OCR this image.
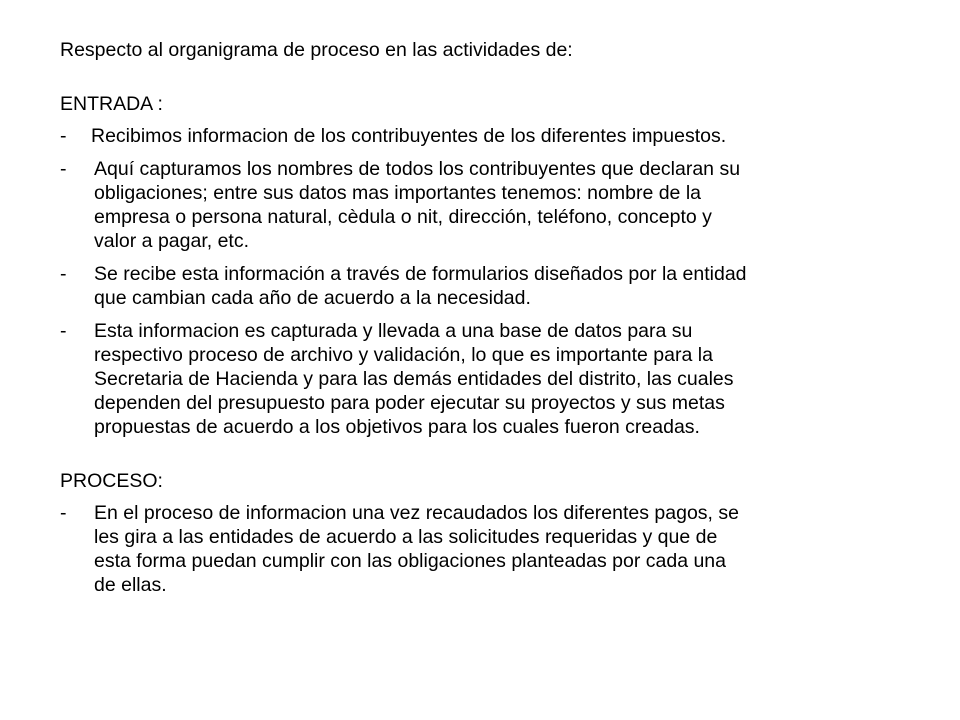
Respecto al organigrama de proceso en las actividades de:

ENTRADA :

- Recibimos informacion de los contribuyentes de los diferentes impuestos.
- Aquí capturamos los nombres de todos los contribuyentes que declaran su
obligaciones; entre sus datos mas importantes tenemos: nombre de la
empresa o persona natural, cèdula o nit, dirección, teléfono, concepto y
valor a pagar, etc.
- Se recibe esta información a través de formularios diseñados por la entidad
que cambian cada año de acuerdo a la necesidad.
- Esta informacion es capturada y llevada a una base de datos para su
respectivo proceso de archivo y validación, lo que es importante para la
Secretaria de Hacienda y para las demás entidades del distrito, las cuales
dependen del presupuesto para poder ejecutar su proyectos y sus metas
propuestas de acuerdo a los objetivos para los cuales fueron creadas.

PROCESO:

- En el proceso de informacion una vez recaudados los diferentes pagos, se
les gira a las entidades de acuerdo a las solicitudes requeridas y que de
esta forma puedan cumplir con las obligaciones planteadas por cada una
de ellas.
